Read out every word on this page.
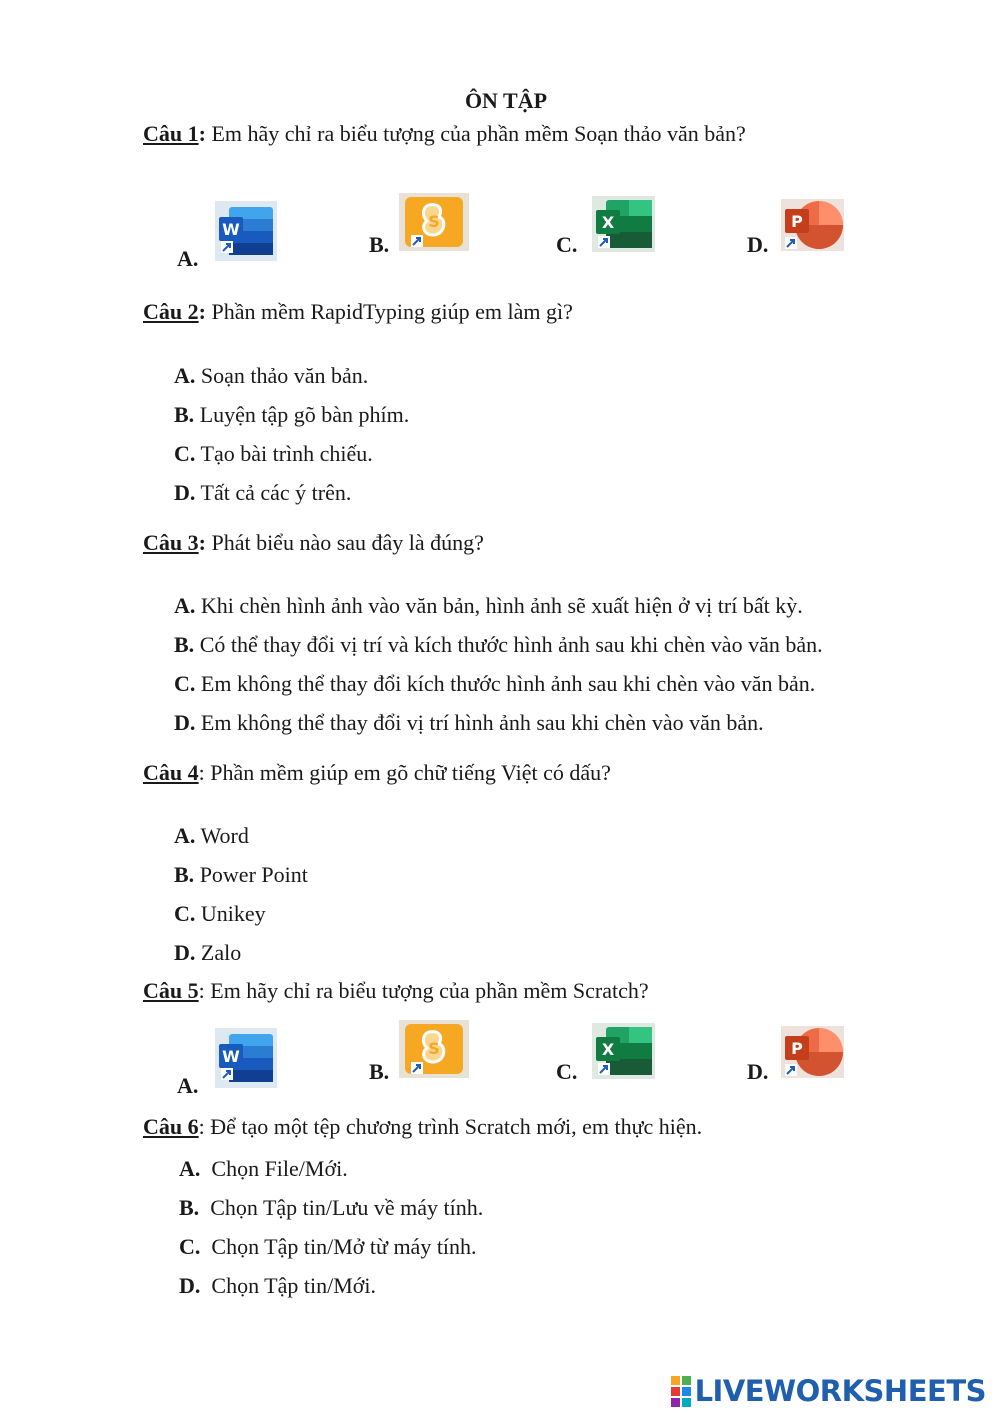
ÔN TẬP
Câu 1: Em hãy chỉ ra biểu tượng của phần mềm Soạn thảo văn bản?
A.
W
B.
S
C.
X
D.
P
Câu 2: Phần mềm RapidTyping giúp em làm gì?
A. Soạn thảo văn bản.
B. Luyện tập gõ bàn phím.
C. Tạo bài trình chiếu.
D. Tất cả các ý trên.
Câu 3: Phát biểu nào sau đây là đúng?
A. Khi chèn hình ảnh vào văn bản, hình ảnh sẽ xuất hiện ở vị trí bất kỳ.
B. Có thể thay đổi vị trí và kích thước hình ảnh sau khi chèn vào văn bản.
C. Em không thể thay đổi kích thước hình ảnh sau khi chèn vào văn bản.
D. Em không thể thay đổi vị trí hình ảnh sau khi chèn vào văn bản.
Câu 4: Phần mềm giúp em gõ chữ tiếng Việt có dấu?
A. Word
B. Power Point
C. Unikey
D. Zalo
Câu 5: Em hãy chỉ ra biểu tượng của phần mềm Scratch?
A.
W
B.
S
C.
X
D.
P
Câu 6: Để tạo một tệp chương trình Scratch mới, em thực hiện.
A. Chọn File/Mới.
B. Chọn Tập tin/Lưu về máy tính.
C. Chọn Tập tin/Mở từ máy tính.
D. Chọn Tập tin/Mới.
LIVEWORKSHEETS
